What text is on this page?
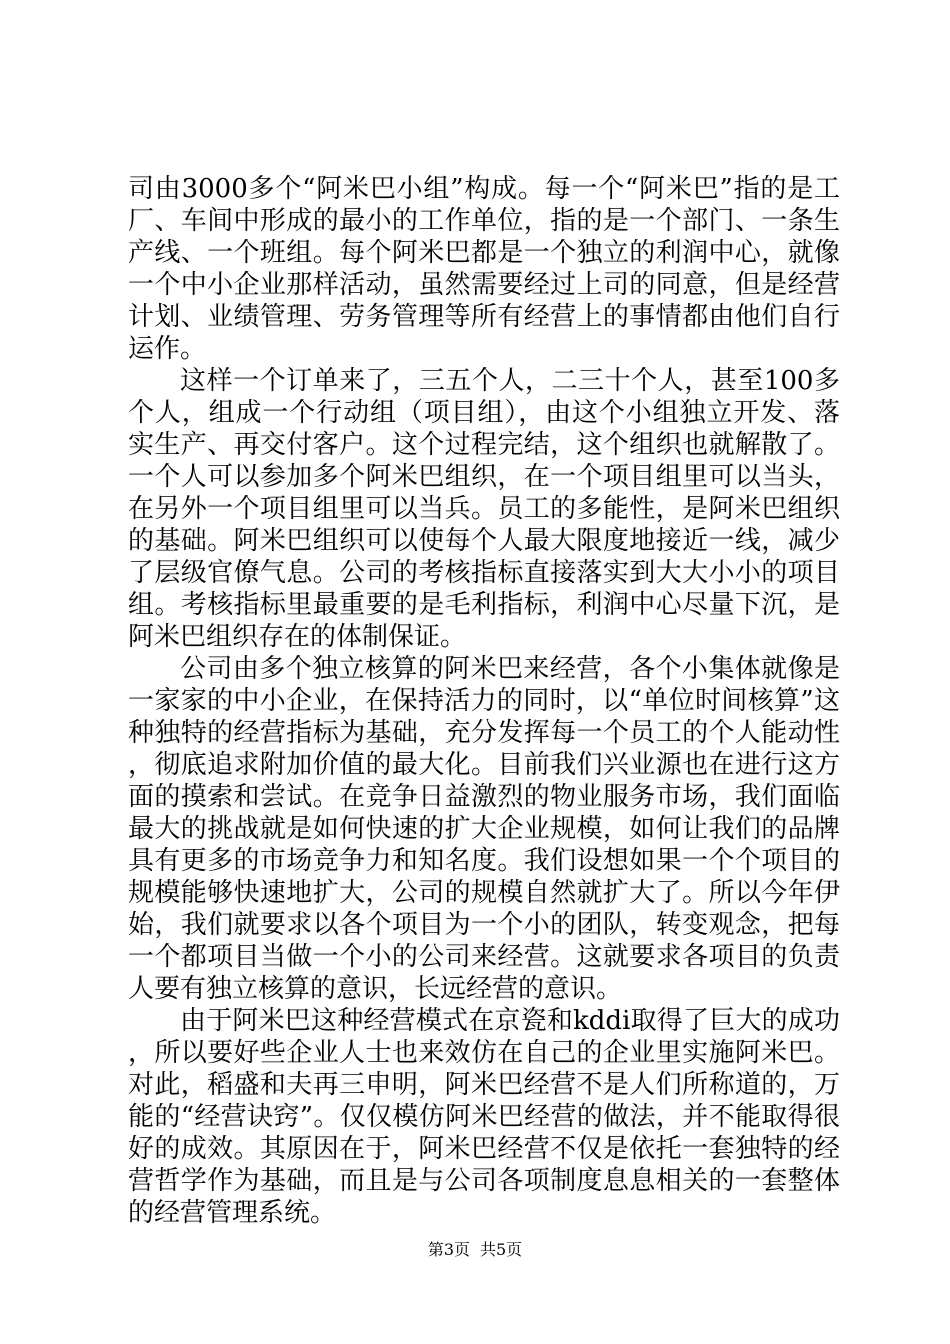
司由3000多个“阿米巴小组”构成。每一个“阿米巴”指的是工厂、车间中形成的最小的工作单位，指的是一个部门、一条生产线、一个班组。每个阿米巴都是一个独立的利润中心，就像一个中小企业那样活动，虽然需要经过上司的同意，但是经营计划、业绩管理、劳务管理等所有经营上的事情都由他们自行运作。

这样一个订单来了，三五个人，二三十个人，甚至100多个人，组成一个行动组（项目组），由这个小组独立开发、落实生产、再交付客户。这个过程完结，这个组织也就解散了。一个人可以参加多个阿米巴组织，在一个项目组里可以当头，在另外一个项目组里可以当兵。员工的多能性，是阿米巴组织的基础。阿米巴组织可以使每个人最大限度地接近一线，减少了层级官僚气息。公司的考核指标直接落实到大大小小的项目组。考核指标里最重要的是毛利指标，利润中心尽量下沉，是阿米巴组织存在的体制保证。

公司由多个独立核算的阿米巴来经营，各个小集体就像是一家家的中小企业，在保持活力的同时，以“单位时间核算”这种独特的经营指标为基础，充分发挥每一个员工的个人能动性，彻底追求附加价值的最大化。目前我们兴业源也在进行这方面的摸索和尝试。在竞争日益激烈的物业服务市场，我们面临最大的挑战就是如何快速的扩大企业规模，如何让我们的品牌具有更多的市场竞争力和知名度。我们设想如果一个个项目的规模能够快速地扩大，公司的规模自然就扩大了。所以今年伊始，我们就要求以各个项目为一个小的团队，转变观念，把每一个都项目当做一个小的公司来经营。这就要求各项目的负责人要有独立核算的意识，长远经营的意识。

由于阿米巴这种经营模式在京瓷和kddi取得了巨大的成功，所以要好些企业人士也来效仿在自己的企业里实施阿米巴。对此，稻盛和夫再三申明，阿米巴经营不是人们所称道的，万能的“经营诀窍”。仅仅模仿阿米巴经营的做法，并不能取得很好的成效。其原因在于，阿米巴经营不仅是依托一套独特的经营哲学作为基础，而且是与公司各项制度息息相关的一套整体的经营管理系统。

第3页 共5页
